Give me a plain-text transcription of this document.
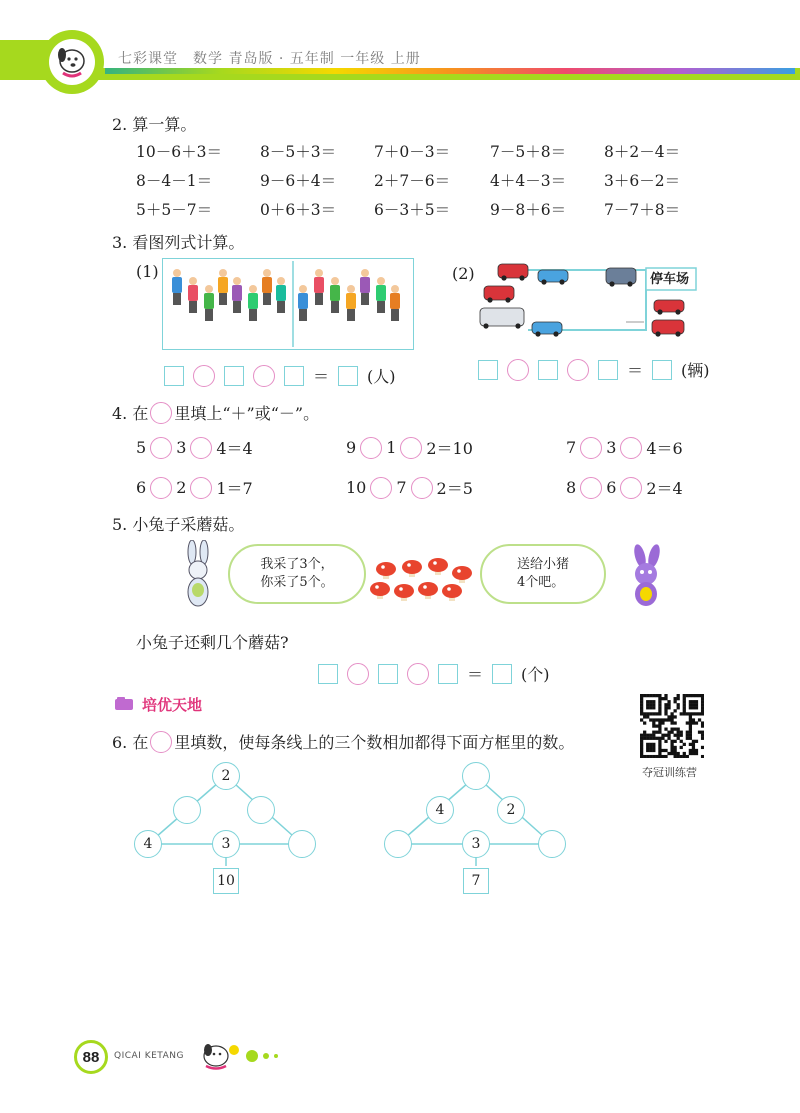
七彩课堂　数学 青岛版 · 五年制 一年级 上册
2. 算一算。
10－6＋3＝ 8－5＋3＝ 7＋0－3＝	7－5＋8＝ 8＋2－4＝
8－4－1＝	9－6＋4＝ 2＋7－6＝	4＋4－3＝ 3＋6－2＝
5＋5－7＝	0＋6＋3＝ 6－3＋5＝	9－8＋6＝ 7－7＋8＝
3. 看图列式计算。
(1)
＝ (人)
(2)	停车场
＝ (辆)
4. 在 里填上“＋”或“－”。
5 3 4＝4	9 1 2＝10	7 3 4＝6
6 2 1＝7	10 7 2＝5	8 6 2＝4
5. 小兔子采蘑菇。
我采了3个，
你采了5个。
送给小猪
4个吧。
小兔子还剩几个蘑菇?
＝ (个)
培优天地
6. 在 里填数，使每条线上的三个数相加都得下面方框里的数。
夺冠训练营
2
4	3
10
4	2
3
7
88	QICAI KETANG
